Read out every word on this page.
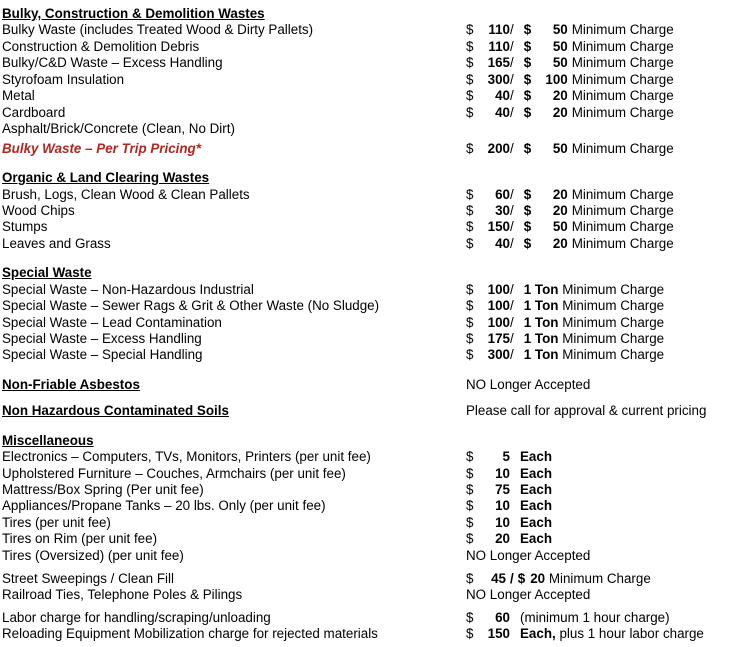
Bulky, Construction & Demolition Wastes
Bulky Waste (includes Treated Wood & Dirty Pallets)	$ 110/ $ 50 Minimum Charge
Construction & Demolition Debris	$ 110/ $ 50 Minimum Charge
Bulky/C&D Waste – Excess Handling	$ 165/ $ 50 Minimum Charge
Styrofoam Insulation	$ 300/ $ 100 Minimum Charge
Metal	$ 40/ $ 20 Minimum Charge
Cardboard	$ 40/ $ 20 Minimum Charge
Asphalt/Brick/Concrete (Clean, No Dirt)
Bulky Waste – Per Trip Pricing*	$ 200/ $ 50 Minimum Charge
Organic & Land Clearing Wastes
Brush, Logs, Clean Wood & Clean Pallets	$ 60/ $ 20 Minimum Charge
Wood Chips	$ 30/ $ 20 Minimum Charge
Stumps	$ 150/ $ 50 Minimum Charge
Leaves and Grass	$ 40/ $ 20 Minimum Charge
Special Waste
Special Waste – Non-Hazardous Industrial	$ 100/ 1 Ton Minimum Charge
Special Waste – Sewer Rags & Grit & Other Waste (No Sludge)	$ 100/ 1 Ton Minimum Charge
Special Waste – Lead Contamination	$ 100/ 1 Ton Minimum Charge
Special Waste – Excess Handling	$ 175/ 1 Ton Minimum Charge
Special Waste – Special Handling	$ 300/ 1 Ton Minimum Charge
Non-Friable Asbestos	NO Longer Accepted
Non Hazardous Contaminated Soils	Please call for approval & current pricing
Miscellaneous
Electronics – Computers, TVs, Monitors, Printers (per unit fee)	$ 5 Each
Upholstered Furniture – Couches, Armchairs (per unit fee)	$ 10 Each
Mattress/Box Spring (Per unit fee)	$ 75 Each
Appliances/Propane Tanks – 20 lbs. Only (per unit fee)	$ 10 Each
Tires (per unit fee)	$ 10 Each
Tires on Rim (per unit fee)	$ 20 Each
Tires (Oversized) (per unit fee)	NO Longer Accepted
Street Sweepings / Clean Fill	$ 45 / $ 20 Minimum Charge
Railroad Ties, Telephone Poles & Pilings	NO Longer Accepted
Labor charge for handling/scraping/unloading	$ 60 (minimum 1 hour charge)
Reloading Equipment Mobilization charge for rejected materials	$ 150 Each, plus 1 hour labor charge
